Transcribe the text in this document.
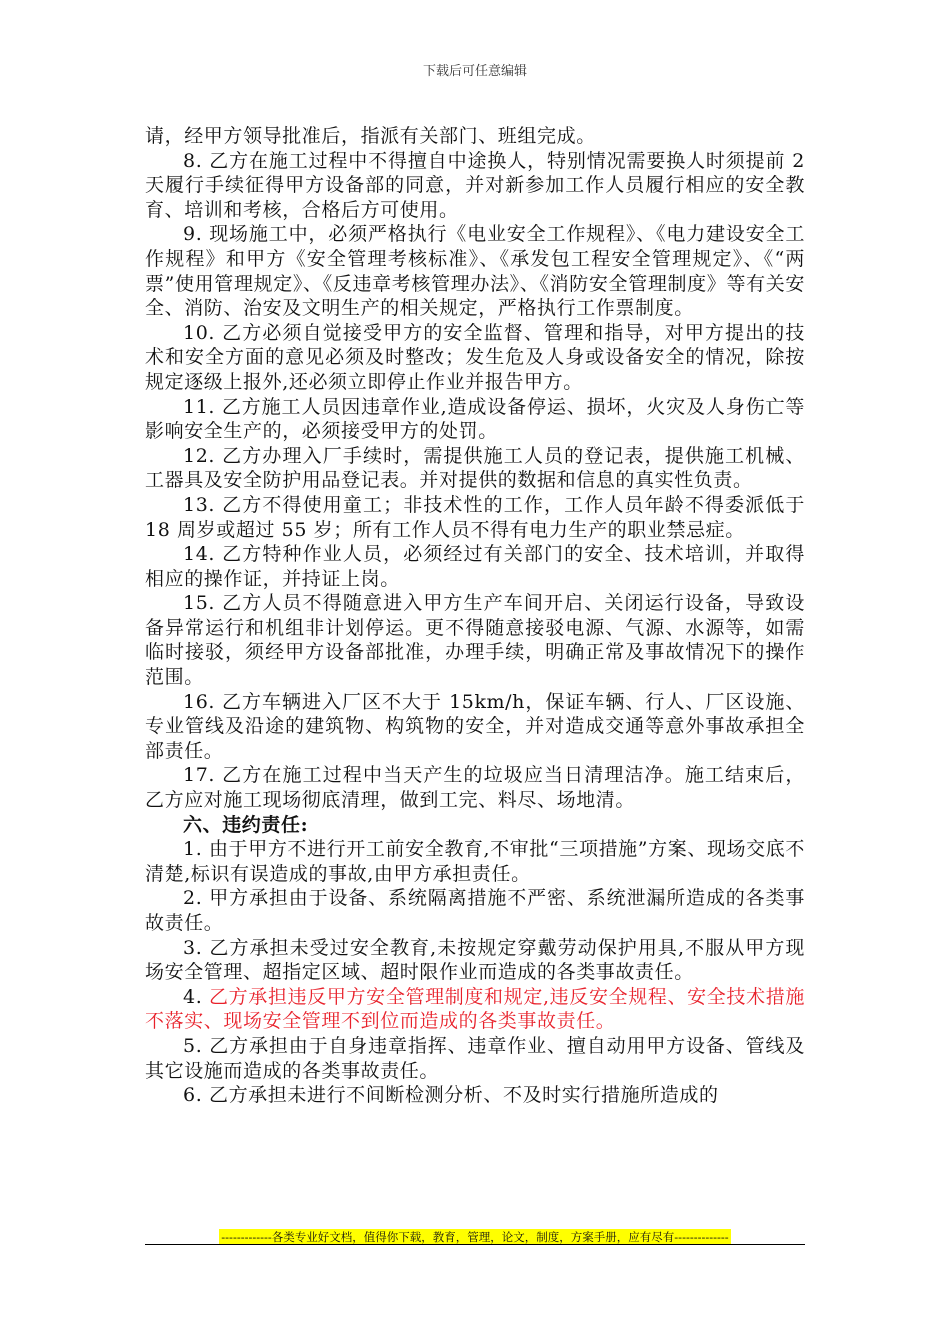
下载后可任意编辑

请，经甲方领导批准后，指派有关部门、班组完成。

8. 乙方在施工过程中不得擅自中途换人，特别情况需要换人时须提前 2 天履行手续征得甲方设备部的同意，并对新参加工作人员履行相应的安全教育、培训和考核，合格后方可使用。

9. 现场施工中，必须严格执行《电业安全工作规程》、《电力建设安全工作规程》和甲方《安全管理考核标准》、《承发包工程安全管理规定》、《“两票”使用管理规定》、《反违章考核管理办法》、《消防安全管理制度》等有关安全、消防、治安及文明生产的相关规定，严格执行工作票制度。

10. 乙方必须自觉接受甲方的安全监督、管理和指导，对甲方提出的技术和安全方面的意见必须及时整改；发生危及人身或设备安全的情况，除按规定逐级上报外,还必须立即停止作业并报告甲方。

11. 乙方施工人员因违章作业,造成设备停运、损坏，火灾及人身伤亡等影响安全生产的，必须接受甲方的处罚。

12. 乙方办理入厂手续时，需提供施工人员的登记表，提供施工机械、工器具及安全防护用品登记表。并对提供的数据和信息的真实性负责。

13. 乙方不得使用童工；非技术性的工作，工作人员年龄不得委派低于 18 周岁或超过 55 岁；所有工作人员不得有电力生产的职业禁忌症。

14. 乙方特种作业人员，必须经过有关部门的安全、技术培训，并取得相应的操作证，并持证上岗。

15. 乙方人员不得随意进入甲方生产车间开启、关闭运行设备，导致设备异常运行和机组非计划停运。更不得随意接驳电源、气源、水源等，如需临时接驳，须经甲方设备部批准，办理手续，明确正常及事故情况下的操作范围。

16. 乙方车辆进入厂区不大于 15km/h，保证车辆、行人、厂区设施、专业管线及沿途的建筑物、构筑物的安全，并对造成交通等意外事故承担全部责任。

17. 乙方在施工过程中当天产生的垃圾应当日清理洁净。施工结束后，乙方应对施工现场彻底清理，做到工完、料尽、场地清。

六、违约责任:

1. 由于甲方不进行开工前安全教育,不审批“三项措施”方案、现场交底不清楚,标识有误造成的事故,由甲方承担责任。

2. 甲方承担由于设备、系统隔离措施不严密、系统泄漏所造成的各类事故责任。

3. 乙方承担未受过安全教育,未按规定穿戴劳动保护用具,不服从甲方现场安全管理、超指定区域、超时限作业而造成的各类事故责任。

4. 乙方承担违反甲方安全管理制度和规定,违反安全规程、安全技术措施不落实、现场安全管理不到位而造成的各类事故责任。

5. 乙方承担由于自身违章指挥、违章作业、擅自动用甲方设备、管线及其它设施而造成的各类事故责任。

6. 乙方承担未进行不间断检测分析、不及时实行措施所造成的

-------------各类专业好文档，值得你下载，教育，管理，论文，制度，方案手册，应有尽有--------------
